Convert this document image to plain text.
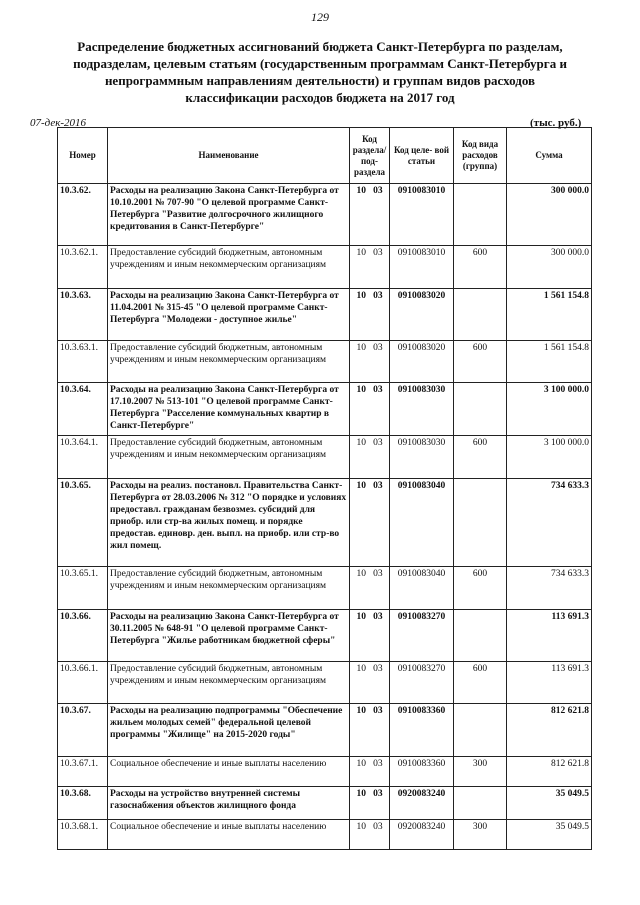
129
Распределение бюджетных ассигнований бюджета Санкт-Петербурга по разделам, подразделам, целевым статьям (государственным программам Санкт-Петербурга и непрограммным направлениям деятельности) и группам видов расходов классификации расходов бюджета на 2017 год
07-дек-2016	(тыс. руб.)
Номер	Наименование	Код раздела/ под- раздела	Код целе- вой статьи	Код вида расходов (группа)	Сумма
10.3.62.	Расходы на реализацию Закона Санкт-Петербурга от 10.10.2001 № 707-90 "О целевой программе Санкт-Петербурга "Развитие долгосрочного жилищного кредитования в Санкт-Петербурге"	10 03	0910083010		300 000.0
10.3.62.1.	Предоставление субсидий бюджетным, автономным учреждениям и иным некоммерческим организациям	10 03	0910083010	600	300 000.0
10.3.63.	Расходы на реализацию Закона Санкт-Петербурга от 11.04.2001 № 315-45 "О целевой программе Санкт-Петербурга "Молодежи - доступное жилье"	10 03	0910083020		1 561 154.8
10.3.63.1.	Предоставление субсидий бюджетным, автономным учреждениям и иным некоммерческим организациям	10 03	0910083020	600	1 561 154.8
10.3.64.	Расходы на реализацию Закона Санкт-Петербурга от 17.10.2007 № 513-101 "О целевой программе Санкт-Петербурга "Расселение коммунальных квартир в Санкт-Петербурге"	10 03	0910083030		3 100 000.0
10.3.64.1.	Предоставление субсидий бюджетным, автономным учреждениям и иным некоммерческим организациям	10 03	0910083030	600	3 100 000.0
10.3.65.	Расходы на реализ. постановл. Правительства Санкт-Петербурга от 28.03.2006 № 312 "О порядке и условиях предоставл. гражданам безвозмез. субсидий для приобр. или стр-ва жилых помещ. и порядке предостав. единовр. ден. выпл. на приобр. или стр-во жил помещ.	10 03	0910083040		734 633.3
10.3.65.1.	Предоставление субсидий бюджетным, автономным учреждениям и иным некоммерческим организациям	10 03	0910083040	600	734 633.3
10.3.66.	Расходы на реализацию Закона Санкт-Петербурга от 30.11.2005 № 648-91 "О целевой программе Санкт-Петербурга "Жилье работникам бюджетной сферы"	10 03	0910083270		113 691.3
10.3.66.1.	Предоставление субсидий бюджетным, автономным учреждениям и иным некоммерческим организациям	10 03	0910083270	600	113 691.3
10.3.67.	Расходы на реализацию подпрограммы "Обеспечение жильем молодых семей" федеральной целевой программы "Жилище" на 2015-2020 годы"	10 03	0910083360		812 621.8
10.3.67.1.	Социальное обеспечение и иные выплаты населению	10 03	0910083360	300	812 621.8
10.3.68.	Расходы на устройство внутренней системы газоснабжения объектов жилищного фонда	10 03	0920083240		35 049.5
10.3.68.1.	Социальное обеспечение и иные выплаты населению	10 03	0920083240	300	35 049.5
